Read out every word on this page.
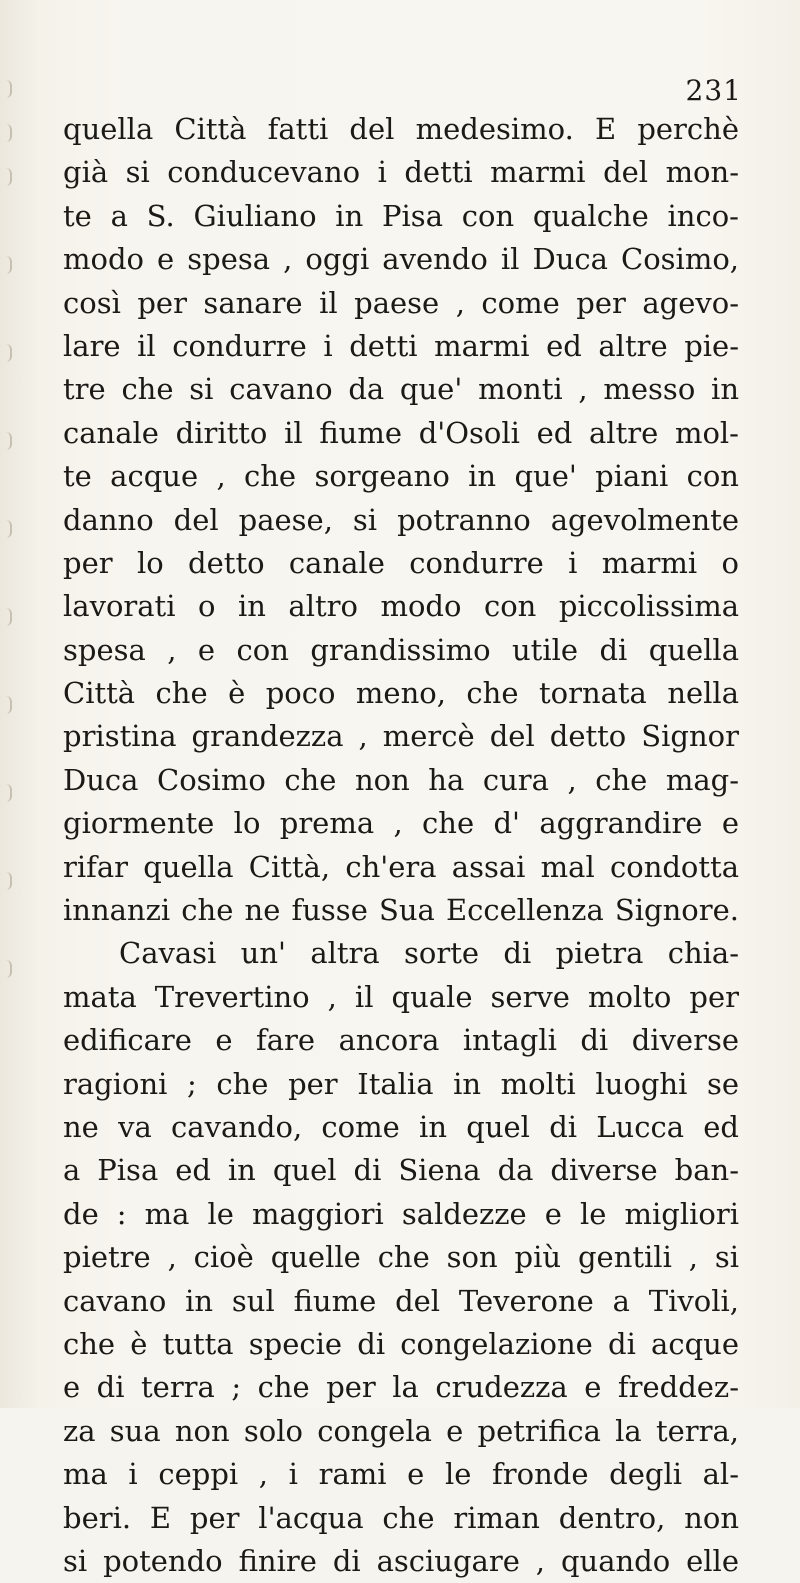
231
quella Città fatti del medesimo. E perchè
già si conducevano i detti marmi del mon-
te a S. Giuliano in Pisa con qualche inco-
modo e spesa , oggi avendo il Duca Cosimo,
così per sanare il paese , come per agevo-
lare il condurre i detti marmi ed altre pie-
tre che si cavano da que' monti , messo in
canale diritto il fiume d'Osoli ed altre mol-
te acque , che sorgeano in que' piani con
danno del paese, si potranno agevolmente
per lo detto canale condurre i marmi o
lavorati o in altro modo con piccolissima
spesa , e con grandissimo utile di quella
Città che è poco meno, che tornata nella
pristina grandezza , mercè del detto Signor
Duca Cosimo che non ha cura , che mag-
giormente lo prema , che d' aggrandire e
rifar quella Città, ch'era assai mal condotta
innanzi che ne fusse Sua Eccellenza Signore.
Cavasi un' altra sorte di pietra chia-
mata Trevertino , il quale serve molto per
edificare e fare ancora intagli di diverse
ragioni ; che per Italia in molti luoghi se
ne va cavando, come in quel di Lucca ed
a Pisa ed in quel di Siena da diverse ban-
de : ma le maggiori saldezze e le migliori
pietre , cioè quelle che son più gentili , si
cavano in sul fiume del Teverone a Tivoli,
che è tutta specie di congelazione di acque
e di terra ; che per la crudezza e freddez-
za sua non solo congela e petrifica la terra,
ma i ceppi , i rami e le fronde degli al-
beri. E per l'acqua che riman dentro, non
si potendo finire di asciugare , quando elle
